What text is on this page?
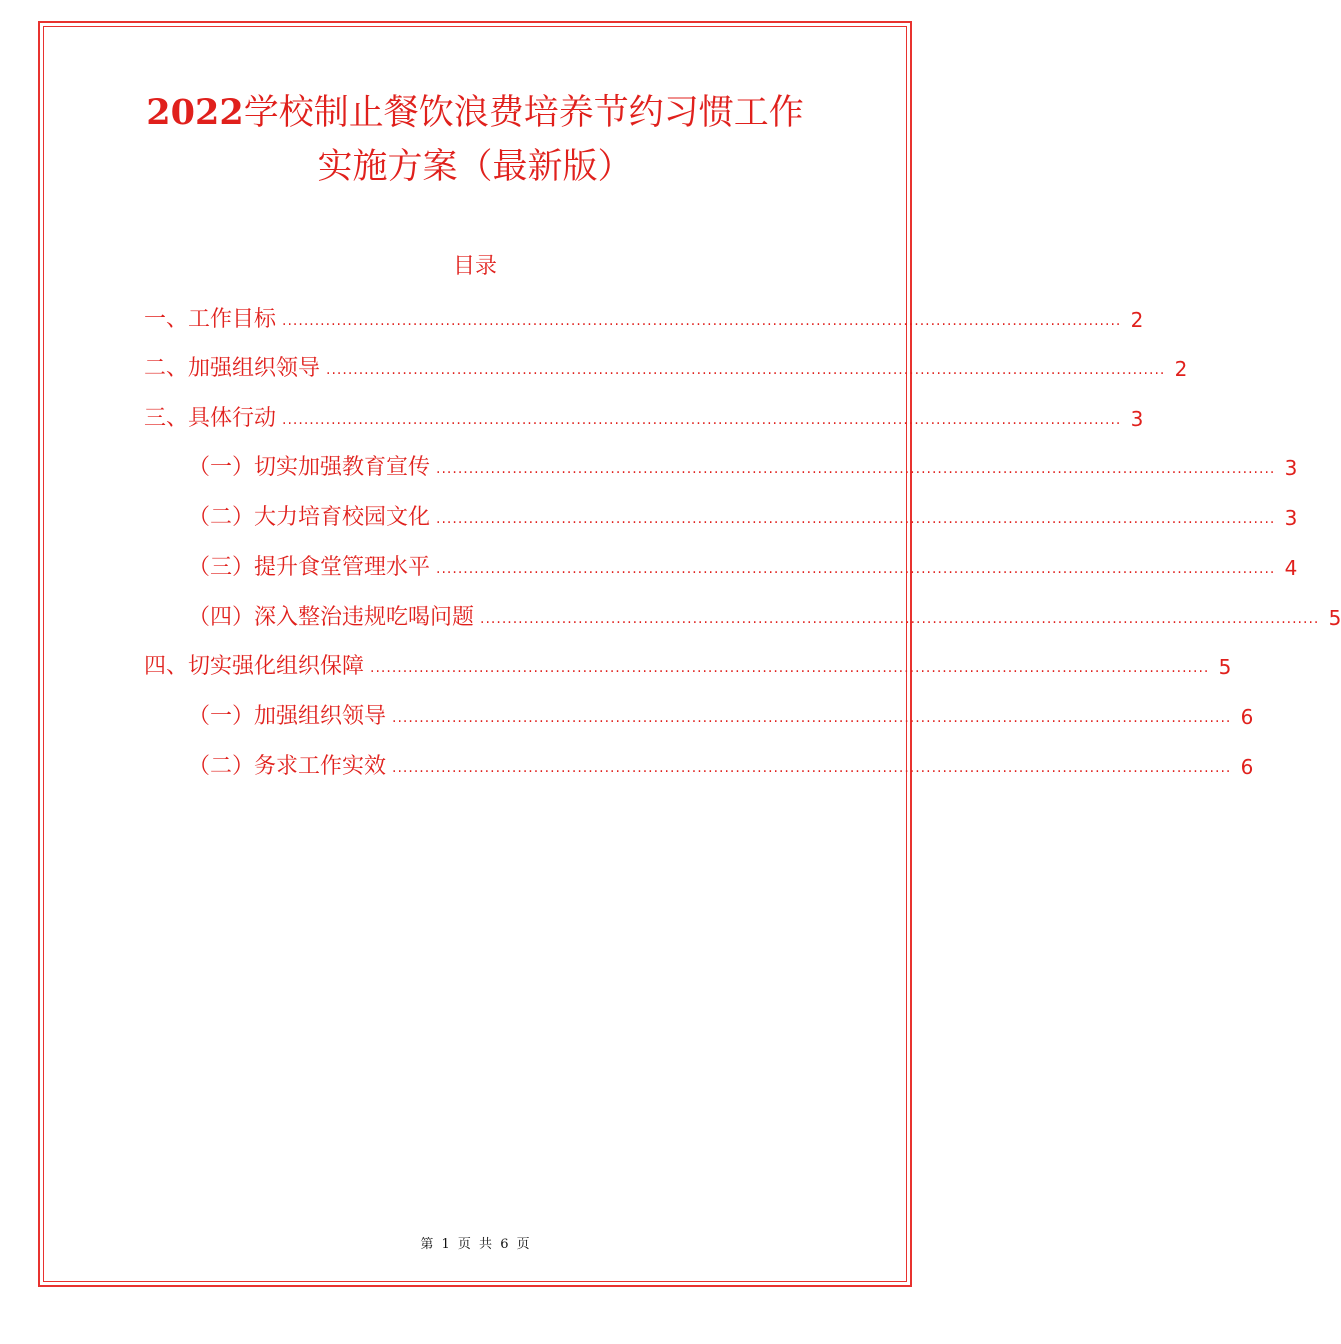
2022学校制止餐饮浪费培养节约习惯工作
实施方案（最新版）
目录
一、工作目标 .......................................................................................................................................................... 2
二、加强组织领导 .......................................................................................................................................................... 2
三、具体行动 .......................................................................................................................................................... 3
（一）切实加强教育宣传 .......................................................................................................................................................... 3
（二）大力培育校园文化 .......................................................................................................................................................... 3
（三）提升食堂管理水平 .......................................................................................................................................................... 4
（四）深入整治违规吃喝问题 .......................................................................................................................................................... 5
四、切实强化组织保障 .......................................................................................................................................................... 5
（一）加强组织领导 .......................................................................................................................................................... 6
（二）务求工作实效 .......................................................................................................................................................... 6
第 1 页 共 6 页
